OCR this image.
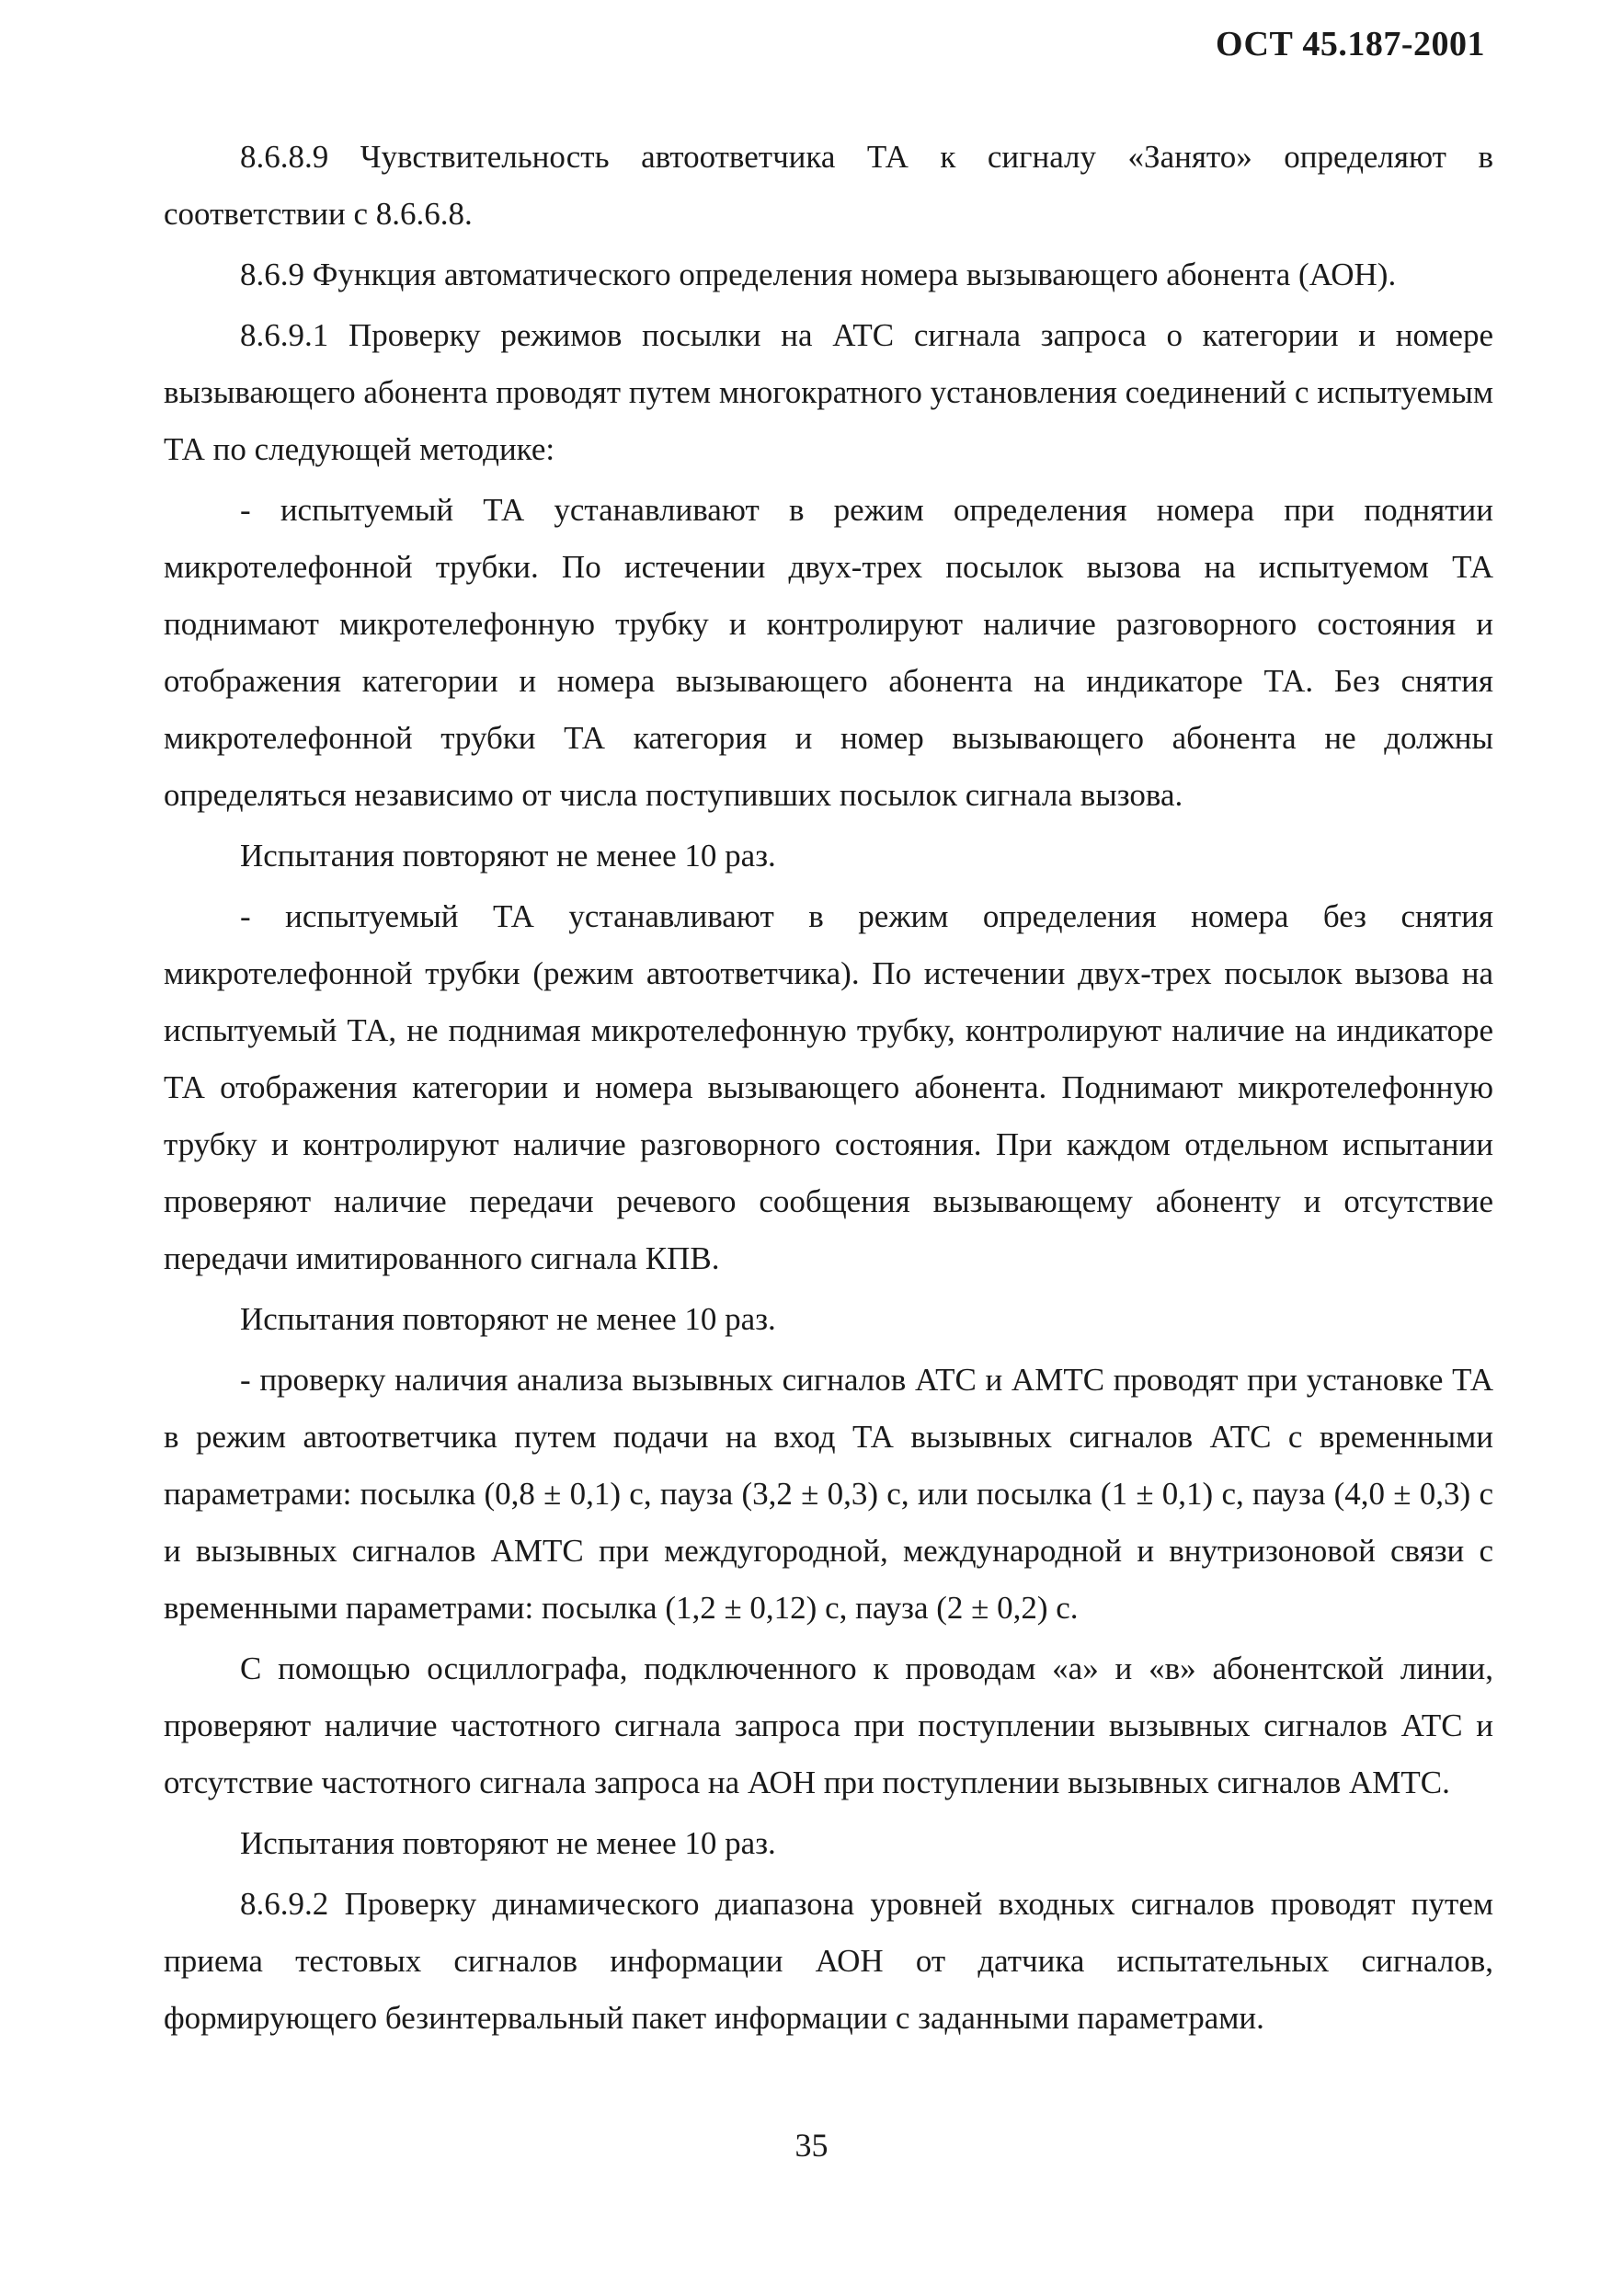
ОСТ 45.187-2001

8.6.8.9 Чувствительность автоответчика ТА к сигналу «Занято» определяют в соответствии с 8.6.6.8.

8.6.9 Функция автоматического определения номера вызывающего абонента (АОН).

8.6.9.1 Проверку режимов посылки на АТС сигнала запроса о категории и номере вызывающего абонента проводят путем многократного установления соединений с испытуемым ТА по следующей методике:

- испытуемый ТА устанавливают в режим определения номера при поднятии микротелефонной трубки. По истечении двух-трех посылок вызова на испытуемом ТА поднимают микротелефонную трубку и контролируют наличие разговорного состояния и отображения категории и номера вызывающего абонента на индикаторе ТА. Без снятия микротелефонной трубки ТА категория и номер вызывающего абонента не должны определяться независимо от числа поступивших посылок сигнала вызова.

Испытания повторяют не менее 10 раз.

- испытуемый ТА устанавливают в режим определения номера без снятия микротелефонной трубки (режим автоответчика). По истечении двух-трех посылок вызова на испытуемый ТА, не поднимая микротелефонную трубку, контролируют наличие на индикаторе ТА отображения категории и номера вызывающего абонента. Поднимают микротелефонную трубку и контролируют наличие разговорного состояния. При каждом отдельном испытании проверяют наличие передачи речевого сообщения вызывающему абоненту и отсутствие передачи имитированного сигнала КПВ.

Испытания повторяют не менее 10 раз.

- проверку наличия анализа вызывных сигналов АТС и АМТС проводят при установке ТА в режим автоответчика путем подачи на вход ТА вызывных сигналов АТС с временными параметрами: посылка (0,8 ± 0,1) с, пауза (3,2 ± 0,3) с, или посылка (1 ± 0,1) с, пауза (4,0 ± 0,3) с и вызывных сигналов АМТС при междугородной, международной и внутризоновой связи с временными параметрами: посылка (1,2 ± 0,12) с, пауза (2 ± 0,2) с.

С помощью осциллографа, подключенного к проводам «а» и «в» абонентской линии, проверяют наличие частотного сигнала запроса при поступлении вызывных сигналов АТС и отсутствие частотного сигнала запроса на АОН при поступлении вызывных сигналов АМТС.

Испытания повторяют не менее 10 раз.

8.6.9.2 Проверку динамического диапазона уровней входных сигналов проводят путем приема тестовых сигналов информации АОН от датчика испытательных сигналов, формирующего безинтервальный пакет информации с заданными параметрами.

35
